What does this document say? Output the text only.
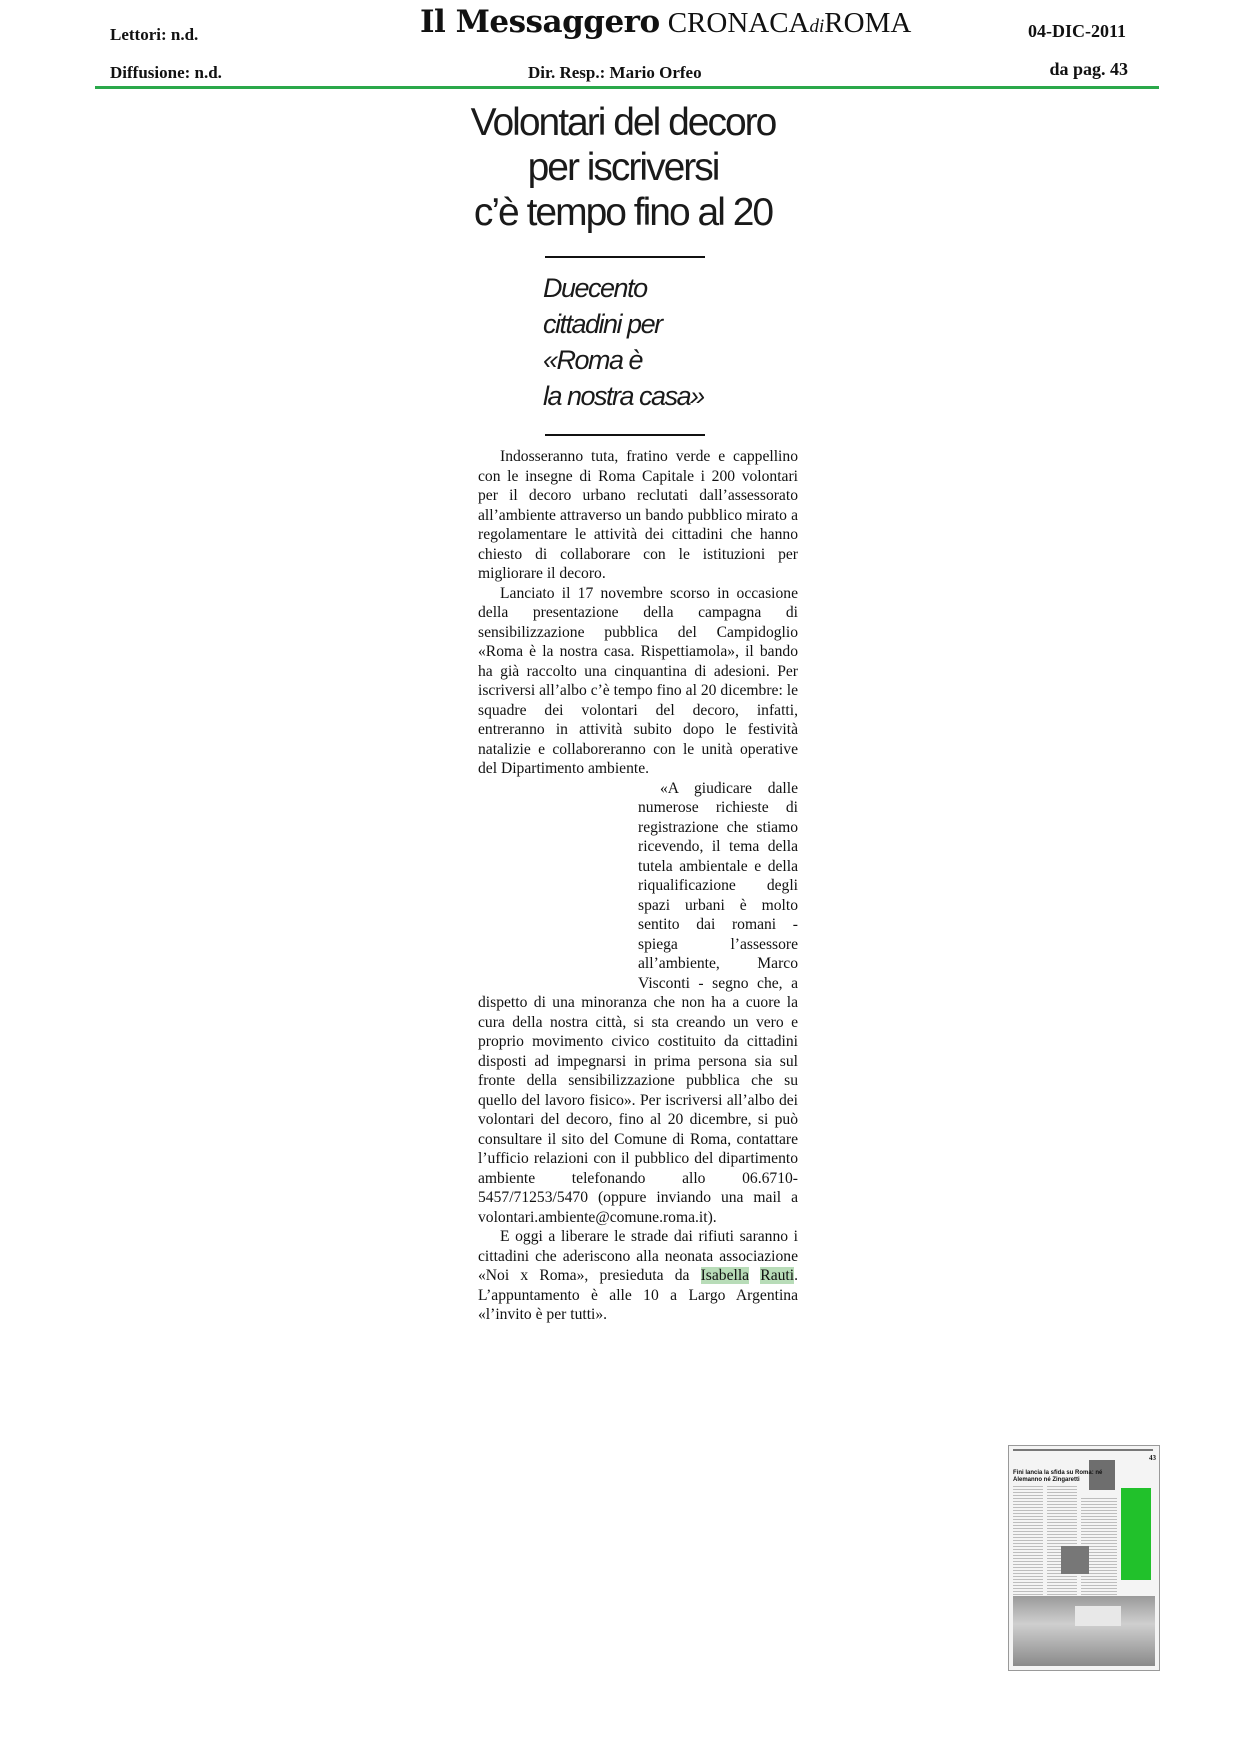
Lettori: n.d.
Diffusione: n.d.
Il Messaggero CRONACAdiROMA
Dir. Resp.: Mario Orfeo
04-DIC-2011
da pag. 43
Volontari del decoro
per iscriversi
c’è tempo fino al 20
Duecento
cittadini per
«Roma è
la nostra casa»

Indosseranno tuta, fratino verde e cappellino con le insegne di Roma Capitale i 200 volontari per il decoro urbano reclutati dall’assessorato all’ambiente attraverso un bando pubblico mirato a regolamentare le attività dei cittadini che hanno chiesto di collaborare con le istituzioni per migliorare il decoro.

Lanciato il 17 novembre scorso in occasione della presentazione della campagna di sensibilizzazione pubblica del Campidoglio «Roma è la nostra casa. Rispettiamola», il bando ha già raccolto una cinquantina di adesioni. Per iscriversi all’albo c’è tempo fino al 20 dicembre: le squadre dei volontari del decoro, infatti, entreranno in attività subito dopo le festività natalizie e collaboreranno con le unità operative del Dipartimento ambiente.

«A giudicare dalle numerose richieste di registrazione che stiamo ricevendo, il tema della tutela ambientale e della riqualificazione degli spazi urbani è molto sentito dai romani - spiega l’assessore all’ambiente, Marco Visconti - segno che, a dispetto di una minoranza che non ha a cuore la cura della nostra città, si sta creando un vero e proprio movimento civico costituito da cittadini disposti ad impegnarsi in prima persona sia sul fronte della sensibilizzazione pubblica che su quello del lavoro fisico». Per iscriversi all’albo dei volontari del decoro, fino al 20 dicembre, si può consultare il sito del Comune di Roma, contattare l’ufficio relazioni con il pubblico del dipartimento ambiente telefonando allo 06.6710-5457/71253/5470 (oppure inviando una mail a volontari.ambiente@comune.roma.it).

E oggi a liberare le strade dai rifiuti saranno i cittadini che aderiscono alla neonata associazione «Noi x Roma», presieduta da Isabella Rauti. L’appuntamento è alle 10 a Largo Argentina «l’invito è per tutti».

43
Fini lancia la sfida su Roma: né Alemanno né Zingaretti
